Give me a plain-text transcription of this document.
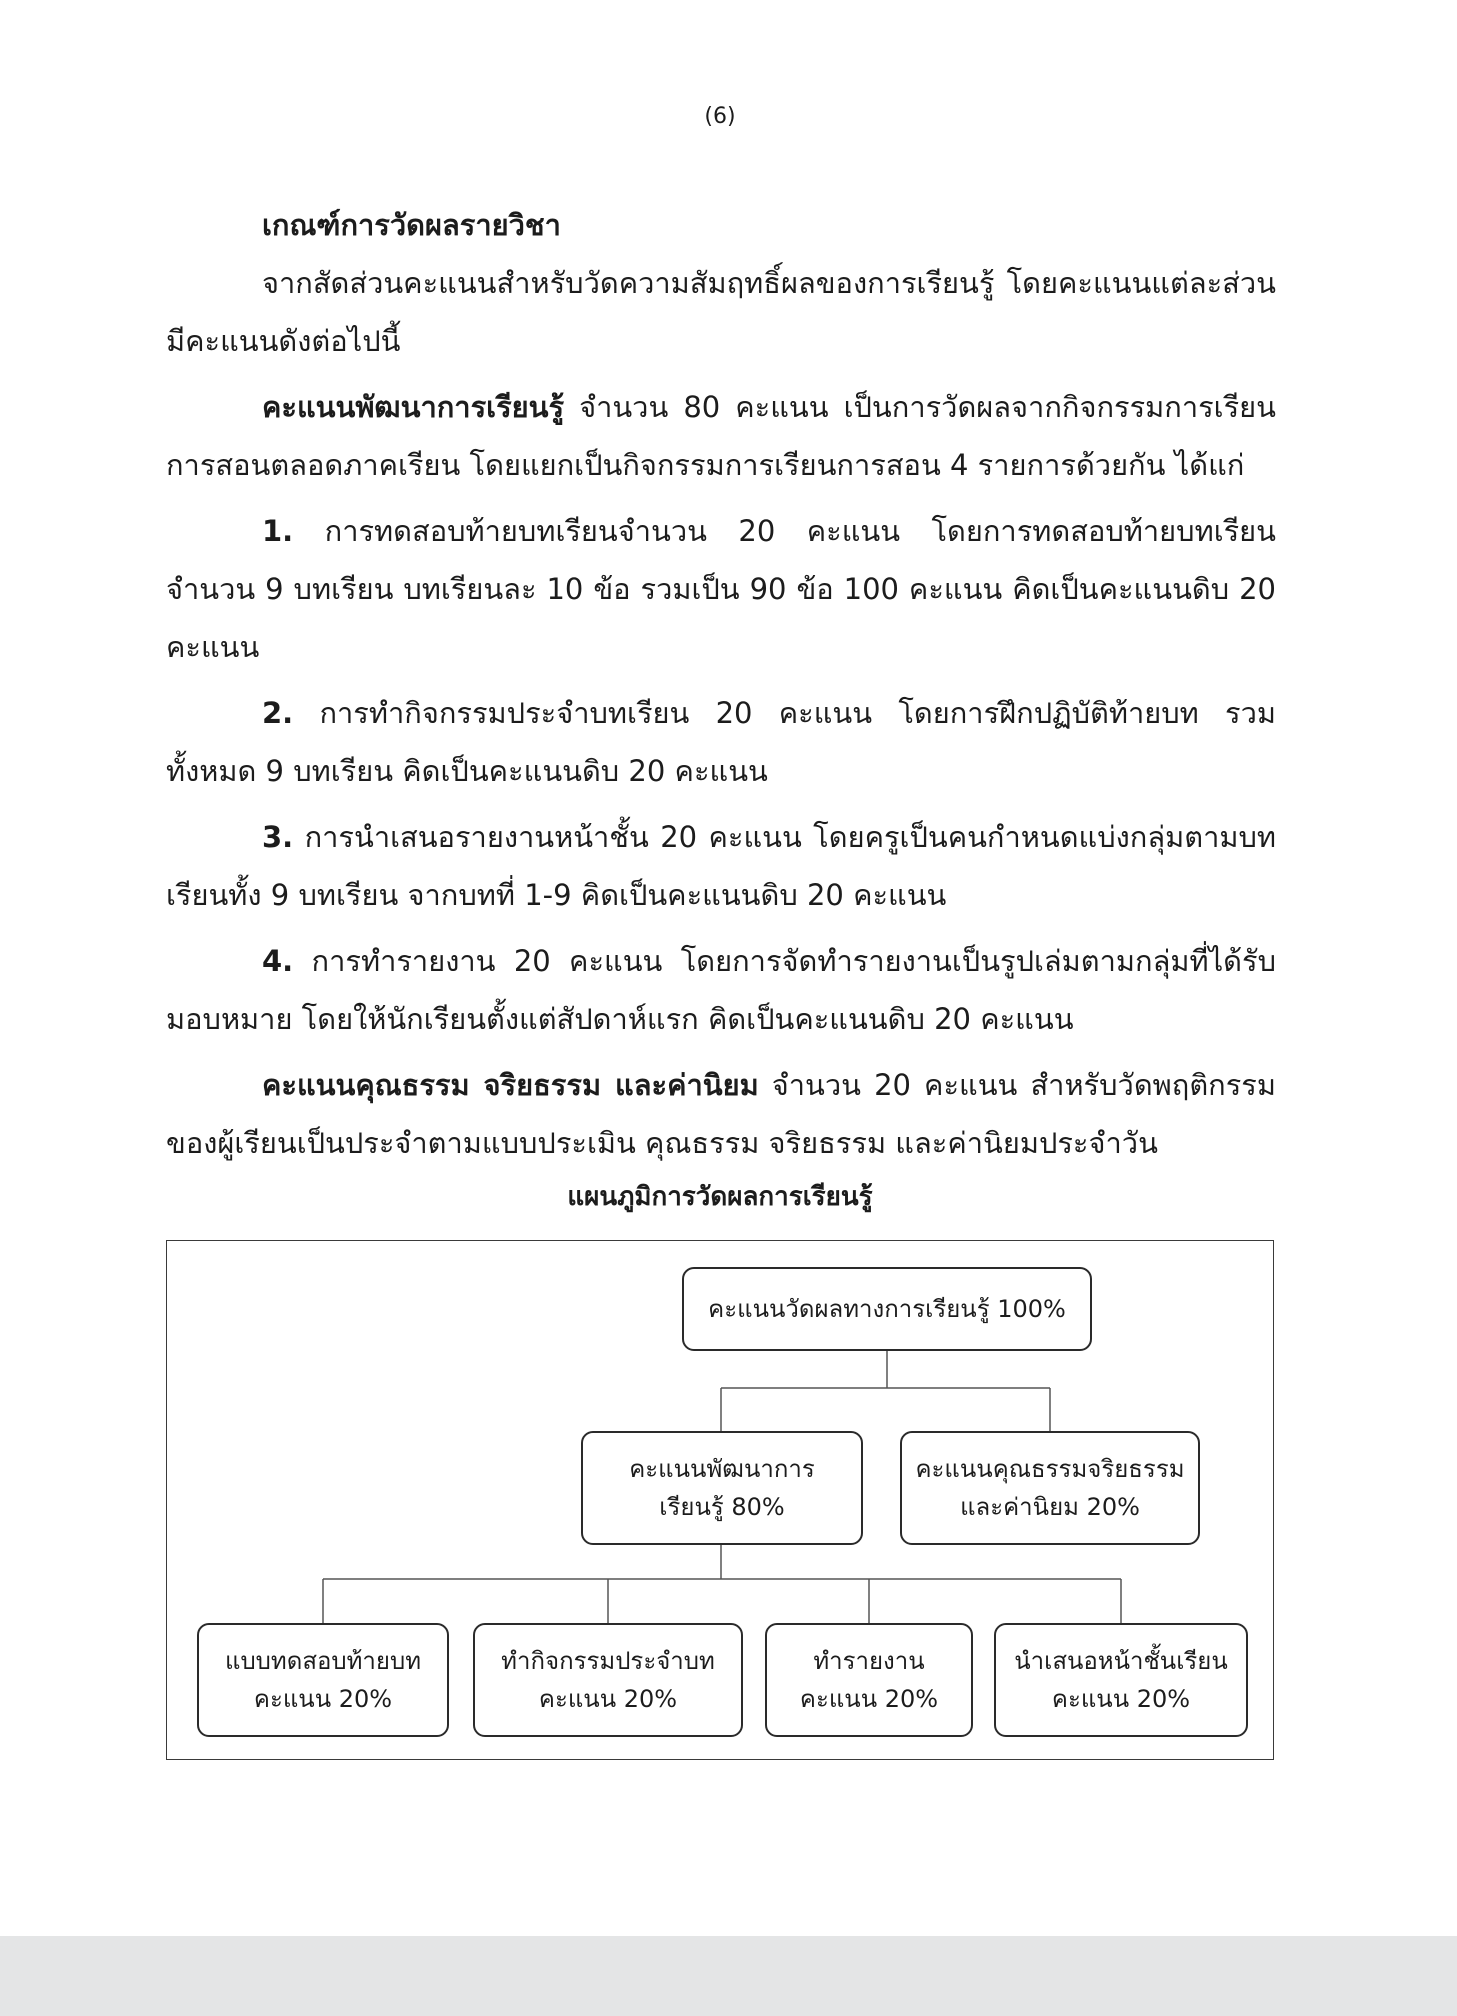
(6)

เกณฑ์การวัดผลรายวิชา

จากสัดส่วนคะแนนสำหรับวัดความสัมฤทธิ์ผลของการเรียนรู้ โดยคะแนนแต่ละส่วนมีคะแนนดังต่อไปนี้

คะแนนพัฒนาการเรียนรู้ จำนวน 80 คะแนน เป็นการวัดผลจากกิจกรรมการเรียนการสอนตลอดภาคเรียน โดยแยกเป็นกิจกรรมการเรียนการสอน 4 รายการด้วยกัน ได้แก่

1. การทดสอบท้ายบทเรียนจำนวน 20 คะแนน โดยการทดสอบท้ายบทเรียนจำนวน 9 บทเรียน บทเรียนละ 10 ข้อ รวมเป็น 90 ข้อ 100 คะแนน คิดเป็นคะแนนดิบ 20 คะแนน

2. การทำกิจกรรมประจำบทเรียน 20 คะแนน โดยการฝึกปฏิบัติท้ายบท รวมทั้งหมด 9 บทเรียน คิดเป็นคะแนนดิบ 20 คะแนน

3. การนำเสนอรายงานหน้าชั้น 20 คะแนน โดยครูเป็นคนกำหนดแบ่งกลุ่มตามบทเรียนทั้ง 9 บทเรียน จากบทที่ 1-9 คิดเป็นคะแนนดิบ 20 คะแนน

4. การทำรายงาน 20 คะแนน โดยการจัดทำรายงานเป็นรูปเล่มตามกลุ่มที่ได้รับมอบหมาย โดยให้นักเรียนตั้งแต่สัปดาห์แรก คิดเป็นคะแนนดิบ 20 คะแนน

คะแนนคุณธรรม จริยธรรม และค่านิยม จำนวน 20 คะแนน สำหรับวัดพฤติกรรมของผู้เรียนเป็นประจำตามแบบประเมิน คุณธรรม จริยธรรม และค่านิยมประจำวัน

แผนภูมิการวัดผลการเรียนรู้
คะแนนวัดผลทางการเรียนรู้ 100%
คะแนนพัฒนาการ
เรียนรู้ 80%
คะแนนคุณธรรมจริยธรรม
และค่านิยม 20%
แบบทดสอบท้ายบท
คะแนน 20%
ทำกิจกรรมประจำบท
คะแนน 20%
ทำรายงาน
คะแนน 20%
นำเสนอหน้าชั้นเรียน
คะแนน 20%
